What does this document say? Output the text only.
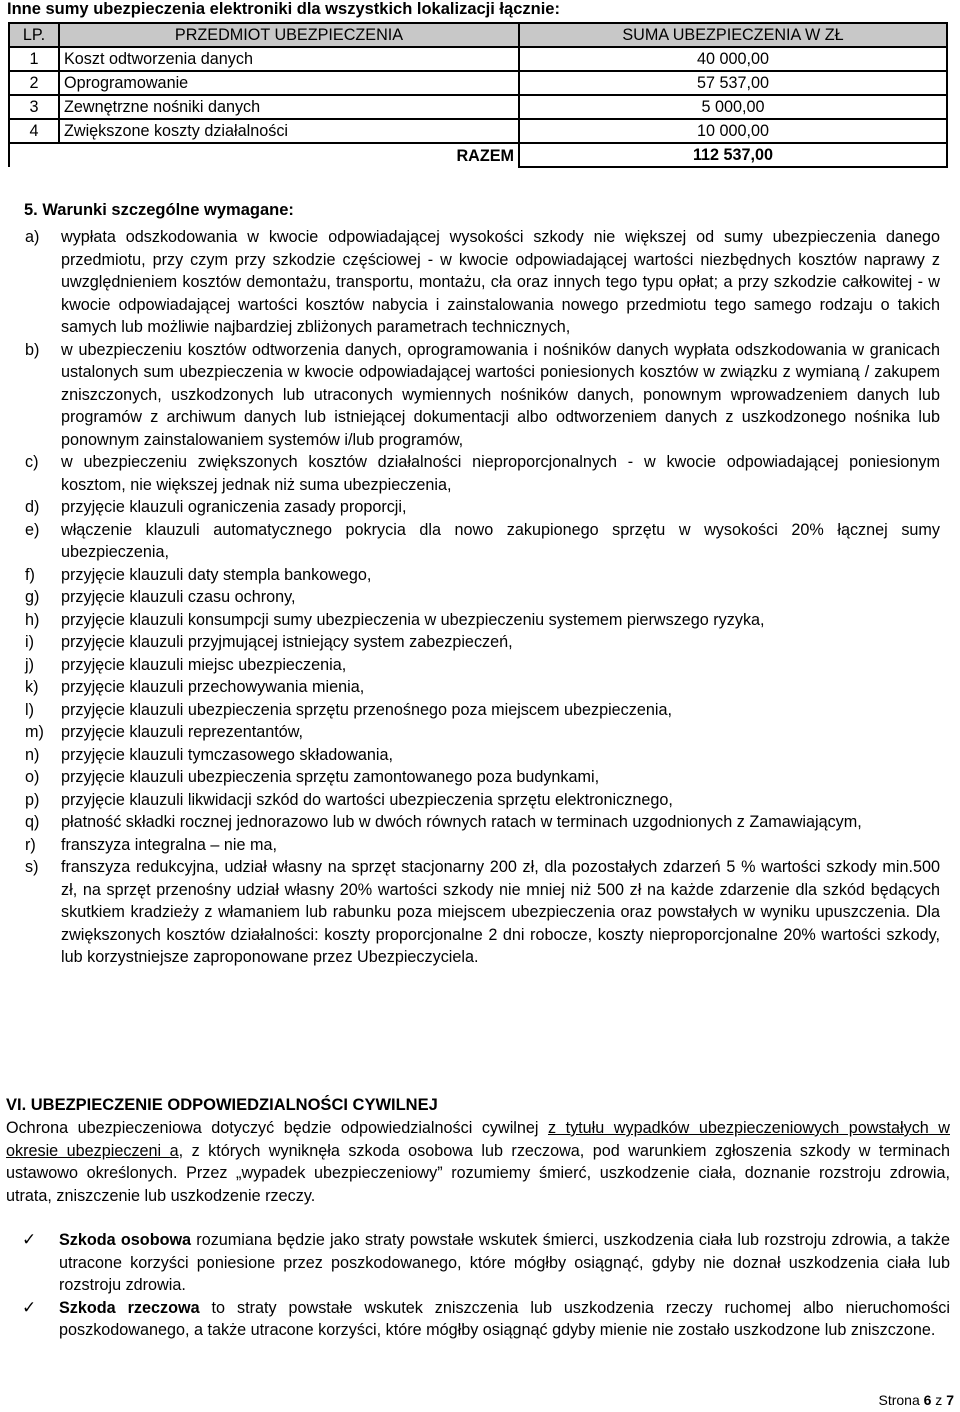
Inne sumy ubezpieczenia elektroniki dla wszystkich lokalizacji łącznie:
LP.	PRZEDMIOT UBEZPIECZENIA	SUMA UBEZPIECZENIA W ZŁ
1	Koszt odtworzenia danych	40 000,00
2	Oprogramowanie	57 537,00
3	Zewnętrzne nośniki danych	5 000,00
4	Zwiększone koszty działalności	10 000,00
RAZEM		112 537,00
5. Warunki szczególne wymagane:
a) wypłata odszkodowania w kwocie odpowiadającej wysokości szkody nie większej od sumy ubezpieczenia danego przedmiotu, przy czym przy szkodzie częściowej - w kwocie odpowiadającej wartości niezbędnych kosztów naprawy z uwzględnieniem kosztów demontażu, transportu, montażu, cła oraz innych tego typu opłat; a przy szkodzie całkowitej - w kwocie odpowiadającej wartości kosztów nabycia i zainstalowania nowego przedmiotu tego samego rodzaju o takich samych lub możliwie najbardziej zbliżonych parametrach technicznych,
b) w ubezpieczeniu kosztów odtworzenia danych, oprogramowania i nośników danych wypłata odszkodowania w granicach ustalonych sum ubezpieczenia w kwocie odpowiadającej wartości poniesionych kosztów w związku z wymianą / zakupem zniszczonych, uszkodzonych lub utraconych wymiennych nośników danych, ponownym wprowadzeniem danych lub programów z archiwum danych lub istniejącej dokumentacji albo odtworzeniem danych z uszkodzonego nośnika lub ponownym zainstalowaniem systemów i/lub programów,
c) w ubezpieczeniu zwiększonych kosztów działalności nieproporcjonalnych - w kwocie odpowiadającej poniesionym kosztom, nie większej jednak niż suma ubezpieczenia,
d) przyjęcie klauzuli ograniczenia zasady proporcji,
e) włączenie klauzuli automatycznego pokrycia dla nowo zakupionego sprzętu w wysokości 20% łącznej sumy ubezpieczenia,
f) przyjęcie klauzuli daty stempla bankowego,
g) przyjęcie klauzuli czasu ochrony,
h) przyjęcie klauzuli konsumpcji sumy ubezpieczenia w ubezpieczeniu systemem pierwszego ryzyka,
i) przyjęcie klauzuli przyjmującej istniejący system zabezpieczeń,
j) przyjęcie klauzuli miejsc ubezpieczenia,
k) przyjęcie klauzuli przechowywania mienia,
l) przyjęcie klauzuli ubezpieczenia sprzętu przenośnego poza miejscem ubezpieczenia,
m) przyjęcie klauzuli reprezentantów,
n) przyjęcie klauzuli tymczasowego składowania,
o) przyjęcie klauzuli ubezpieczenia sprzętu zamontowanego poza budynkami,
p) przyjęcie klauzuli likwidacji szkód do wartości ubezpieczenia sprzętu elektronicznego,
q) płatność składki rocznej jednorazowo lub w dwóch równych ratach w terminach uzgodnionych z Zamawiającym,
r) franszyza integralna – nie ma,
s) franszyza redukcyjna, udział własny na sprzęt stacjonarny 200 zł, dla pozostałych zdarzeń 5 % wartości szkody min.500 zł, na sprzęt przenośny udział własny 20% wartości szkody nie mniej niż 500 zł na każde zdarzenie dla szkód będących skutkiem kradzieży z włamaniem lub rabunku poza miejscem ubezpieczenia oraz powstałych w wyniku upuszczenia. Dla zwiększonych kosztów działalności: koszty proporcjonalne 2 dni robocze, koszty nieproporcjonalne 20% wartości szkody, lub korzystniejsze zaproponowane przez Ubezpieczyciela.
VI. UBEZPIECZENIE ODPOWIEDZIALNOŚCI CYWILNEJ
Ochrona ubezpieczeniowa dotyczyć będzie odpowiedzialności cywilnej z tytułu wypadków ubezpieczeniowych powstałych w okresie ubezpieczeni a, z których wyniknęła szkoda osobowa lub rzeczowa, pod warunkiem zgłoszenia szkody w terminach ustawowo określonych. Przez „wypadek ubezpieczeniowy” rozumiemy śmierć, uszkodzenie ciała, doznanie rozstroju zdrowia, utrata, zniszczenie lub uszkodzenie rzeczy.
✓ Szkoda osobowa rozumiana będzie jako straty powstałe wskutek śmierci, uszkodzenia ciała lub rozstroju zdrowia, a także utracone korzyści poniesione przez poszkodowanego, które mógłby osiągnąć, gdyby nie doznał uszkodzenia ciała lub rozstroju zdrowia.
✓ Szkoda rzeczowa to straty powstałe wskutek zniszczenia lub uszkodzenia rzeczy ruchomej albo nieruchomości poszkodowanego, a także utracone korzyści, które mógłby osiągnąć gdyby mienie nie zostało uszkodzone lub zniszczone.
Strona 6 z 7
